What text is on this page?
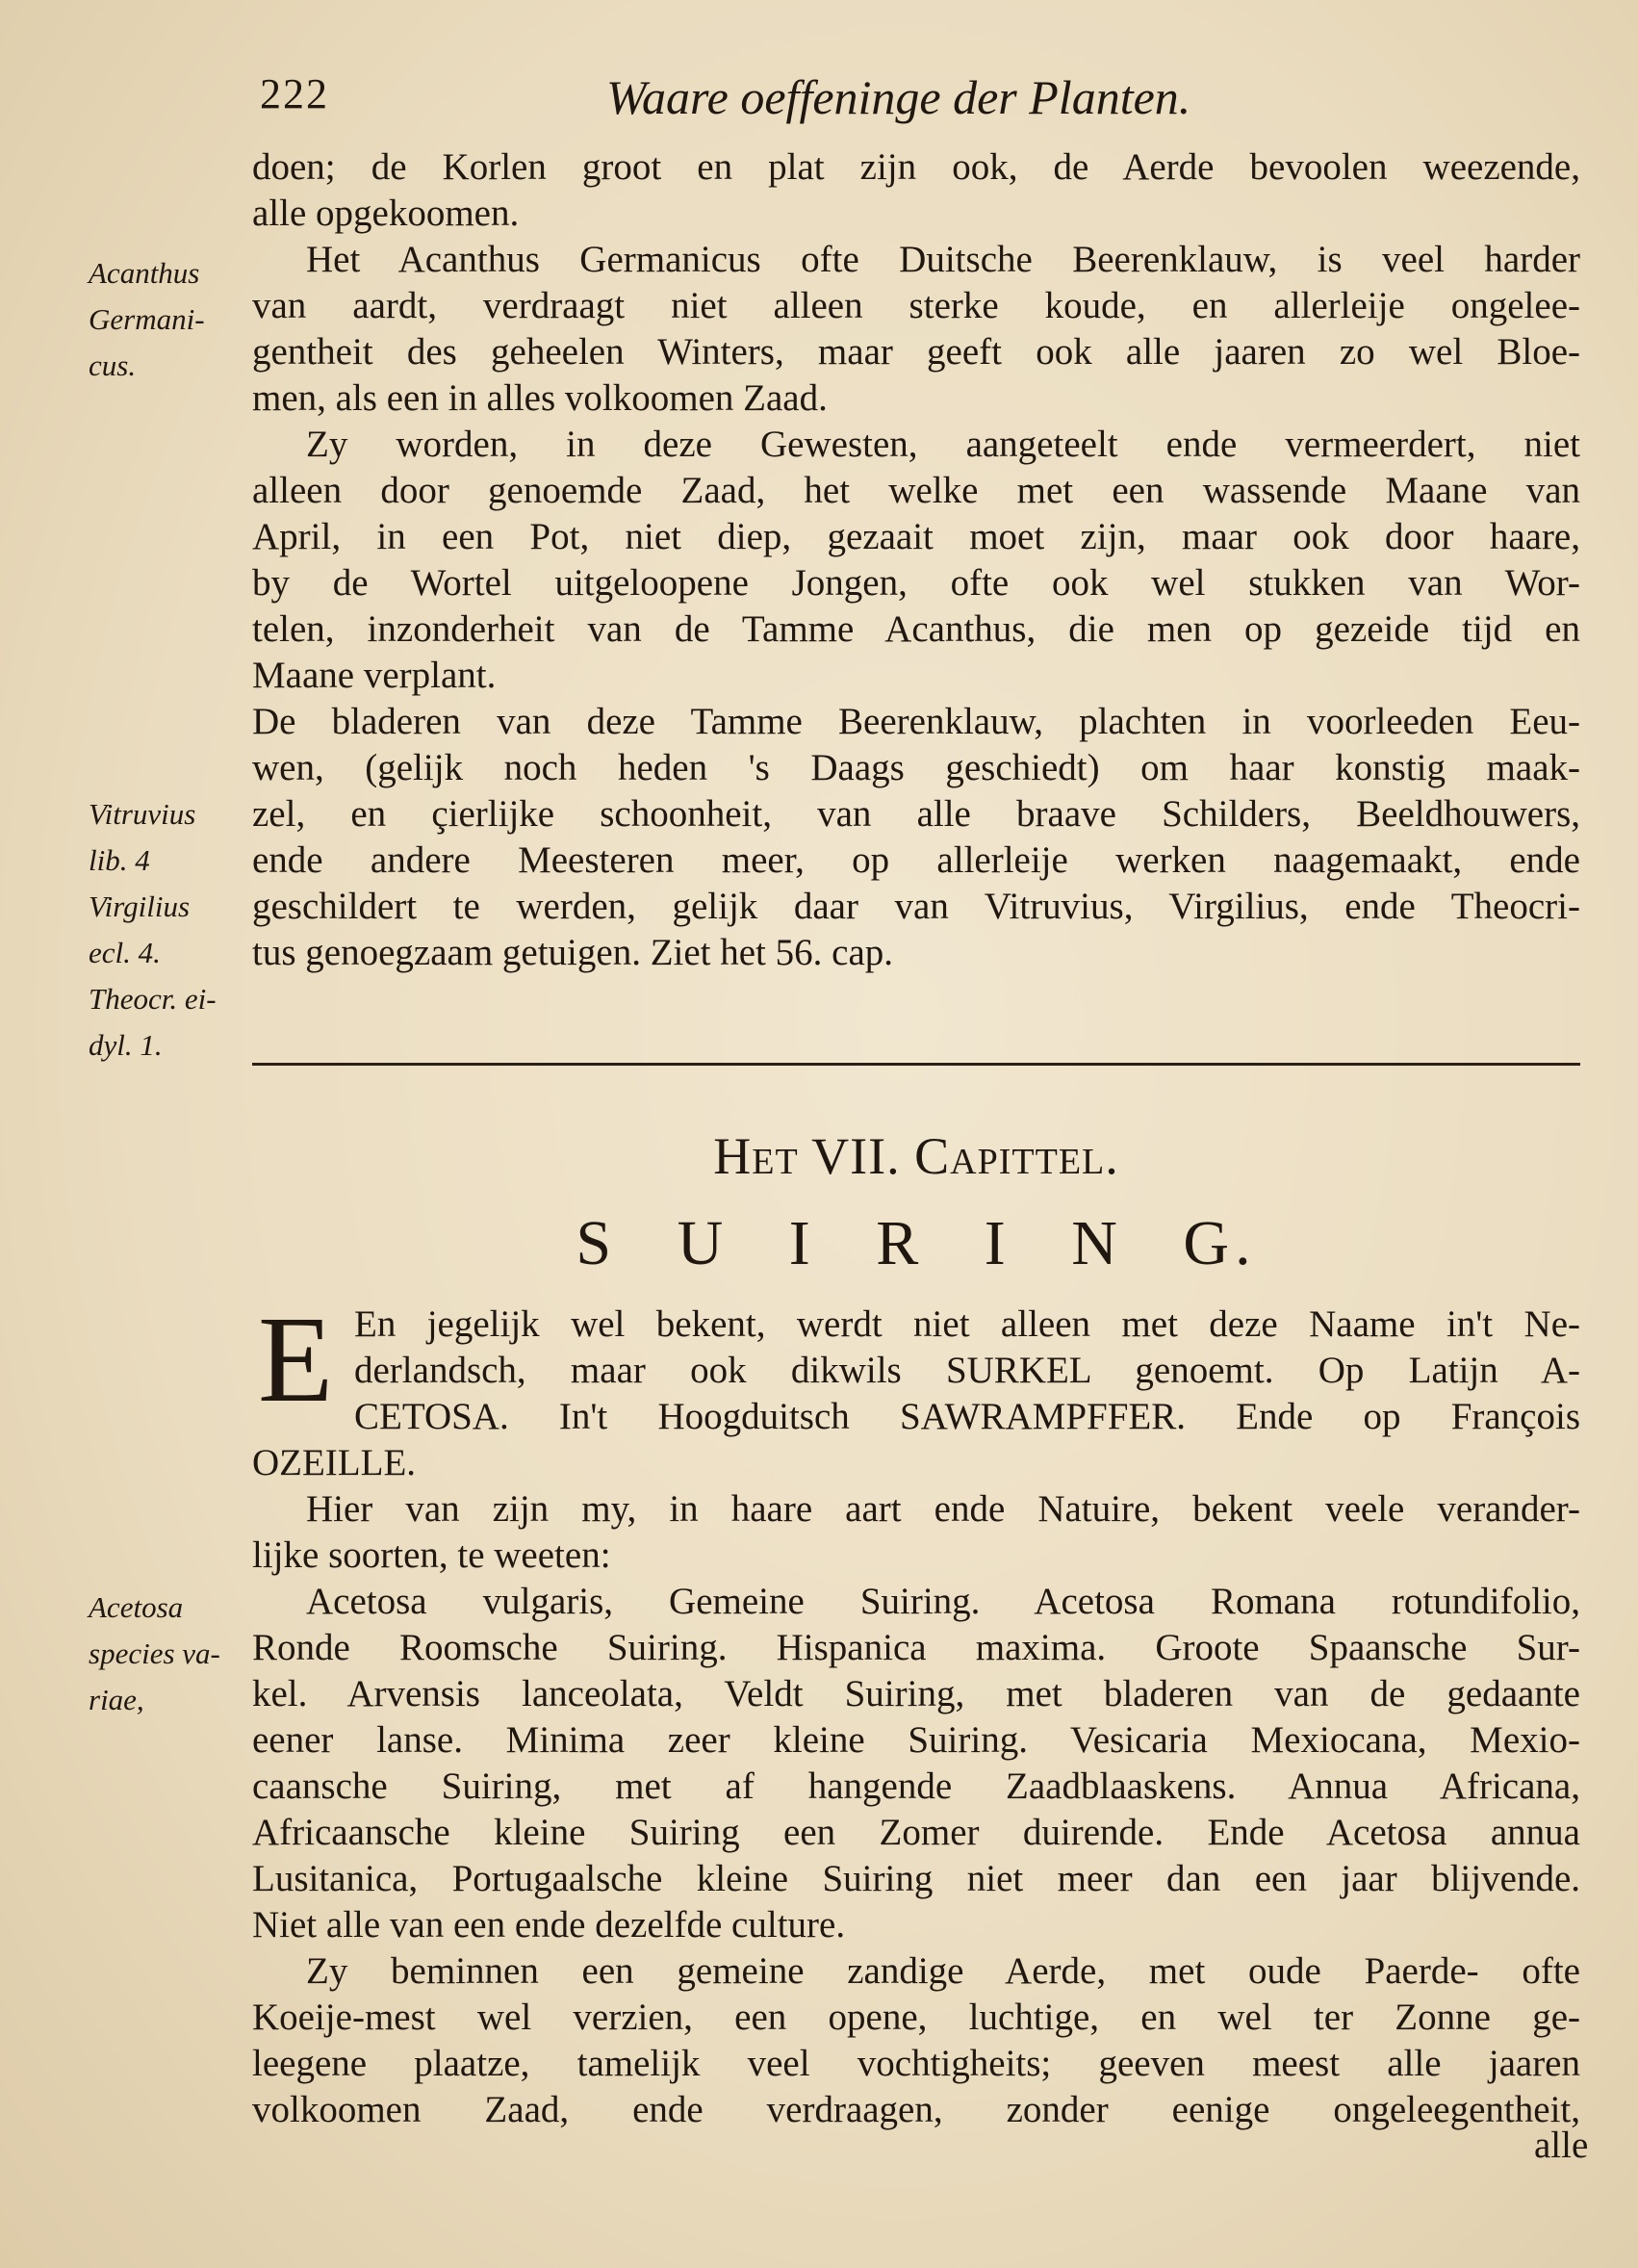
222	Waare oeffeninge der Planten.
Acanthus
Germani-
cus.
Vitruvius
lib. 4
Virgilius
ecl. 4.
Theocr. ei-
dyl. 1.
Acetosa
species va-
riae,
doen; de Korlen groot en plat zijn ook, de Aerde bevoolen weezende,
alle opgekoomen.
Het Acanthus Germanicus ofte Duitsche Beerenklauw, is veel harder
van aardt, verdraagt niet alleen sterke koude, en allerleije ongelee-
gentheit des geheelen Winters, maar geeft ook alle jaaren zo wel Bloe-
men, als een in alles volkoomen Zaad.
Zy worden, in deze Gewesten, aangeteelt ende vermeerdert, niet
alleen door genoemde Zaad, het welke met een wassende Maane van
April, in een Pot, niet diep, gezaait moet zijn, maar ook door haare,
by de Wortel uitgeloopene Jongen, ofte ook wel stukken van Wor-
telen, inzonderheit van de Tamme Acanthus, die men op gezeide tijd en
Maane verplant.
De bladeren van deze Tamme Beerenklauw, plachten in voorleeden Eeu-
wen, (gelijk noch heden 's Daags geschiedt) om haar konstig maak-
zel, en çierlijke schoonheit, van alle braave Schilders, Beeldhouwers,
ende andere Meesteren meer, op allerleije werken naagemaakt, ende
geschildert te werden, gelijk daar van Vitruvius, Virgilius, ende Theocri-
tus genoegzaam getuigen. Ziet het 56. cap.
Het VII. Capittel.
S U I R I N G.
E En jegelijk wel bekent, werdt niet alleen met deze Naame in't Ne-
derlandsch, maar ook dikwils SURKEL genoemt. Op Latijn A-
CETOSA. In't Hoogduitsch SAWRAMPFFER. Ende op François
OZEILLE.
Hier van zijn my, in haare aart ende Natuire, bekent veele verander-
lijke soorten, te weeten:
Acetosa vulgaris, Gemeine Suiring. Acetosa Romana rotundifolio,
Ronde Roomsche Suiring. Hispanica maxima. Groote Spaansche Sur-
kel. Arvensis lanceolata, Veldt Suiring, met bladeren van de gedaante
eener lanse. Minima zeer kleine Suiring. Vesicaria Mexiocana, Mexio-
caansche Suiring, met af hangende Zaadblaaskens. Annua Africana,
Africaansche kleine Suiring een Zomer duirende. Ende Acetosa annua
Lusitanica, Portugaalsche kleine Suiring niet meer dan een jaar blijvende.
Niet alle van een ende dezelfde culture.
Zy beminnen een gemeine zandige Aerde, met oude Paerde- ofte
Koeije-mest wel verzien, een opene, luchtige, en wel ter Zonne ge-
leegene plaatze, tamelijk veel vochtigheits; geeven meest alle jaaren
volkoomen Zaad, ende verdraagen, zonder eenige ongeleegentheit,
alle
